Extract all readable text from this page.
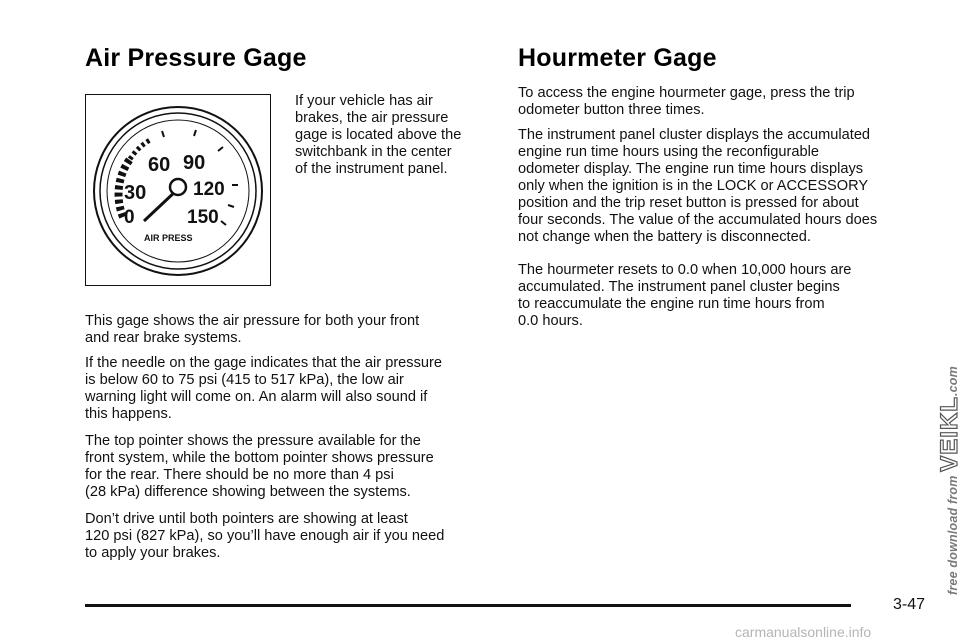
Air Pressure Gage
0
30
60 90
120
150
AIR PRESS

If your vehicle has air
brakes, the air pressure
gage is located above the
switchbank in the center
of the instrument panel.

This gage shows the air pressure for both your front
and rear brake systems.

If the needle on the gage indicates that the air pressure
is below 60 to 75 psi (415 to 517 kPa), the low air
warning light will come on. An alarm will also sound if
this happens.

The top pointer shows the pressure available for the
front system, while the bottom pointer shows pressure
for the rear. There should be no more than 4 psi
(28 kPa) difference showing between the systems.

Don’t drive until both pointers are showing at least
120 psi (827 kPa), so you’ll have enough air if you need
to apply your brakes.

Hourmeter Gage

To access the engine hourmeter gage, press the trip
odometer button three times.

The instrument panel cluster displays the accumulated
engine run time hours using the reconfigurable
odometer display. The engine run time hours displays
only when the ignition is in the LOCK or ACCESSORY
position and the trip reset button is pressed for about
four seconds. The value of the accumulated hours does
not change when the battery is disconnected.

The hourmeter resets to 0.0 when 10,000 hours are
accumulated. The instrument panel cluster begins
to reaccumulate the engine run time hours from
0.0 hours.

3-47
free download from VEIKL.com
carmanualsonline.info
